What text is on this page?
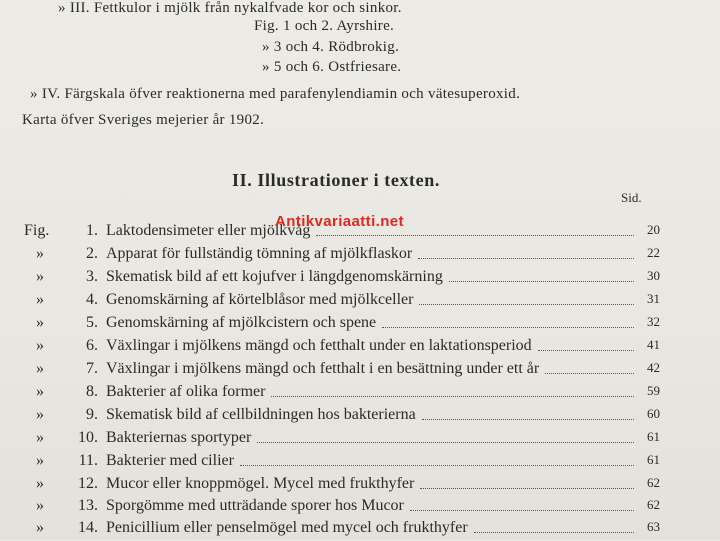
» III. Fettkulor i mjölk från nykalfvade kor och sinkor.
Fig. 1 och 2. Ayrshire.
» 3 och 4. Rödbrokig.
» 5 och 6. Ostfriesare.
» IV. Färgskala öfver reaktionerna med parafenylendiamin och vätesuperoxid.
Karta öfver Sveriges mejerier år 1902.
II. Illustrationer i texten.
Sid.
Fig.	1. Laktodensimeter eller mjölkvåg	20
»	2. Apparat för fullständig tömning af mjölkflaskor	22
»	3. Skematisk bild af ett kojufver i längdgenomskärning	30
»	4. Genomskärning af körtelblåsor med mjölkceller	31
»	5. Genomskärning af mjölkcistern och spene	32
»	6. Växlingar i mjölkens mängd och fetthalt under en laktationsperiod	41
»	7. Växlingar i mjölkens mängd och fetthalt i en besättning under ett år	42
»	8. Bakterier af olika former	59
»	9. Skematisk bild af cellbildningen hos bakterierna	60
»	10. Bakteriernas sportyper	61
»	11. Bakterier med cilier	61
»	12. Mucor eller knoppmögel. Mycel med frukthyfer	62
»	13. Sporgömme med utträdande sporer hos Mucor	62
»	14. Penicillium eller penselmögel med mycel och frukthyfer	63
Antikvariaatti.net
